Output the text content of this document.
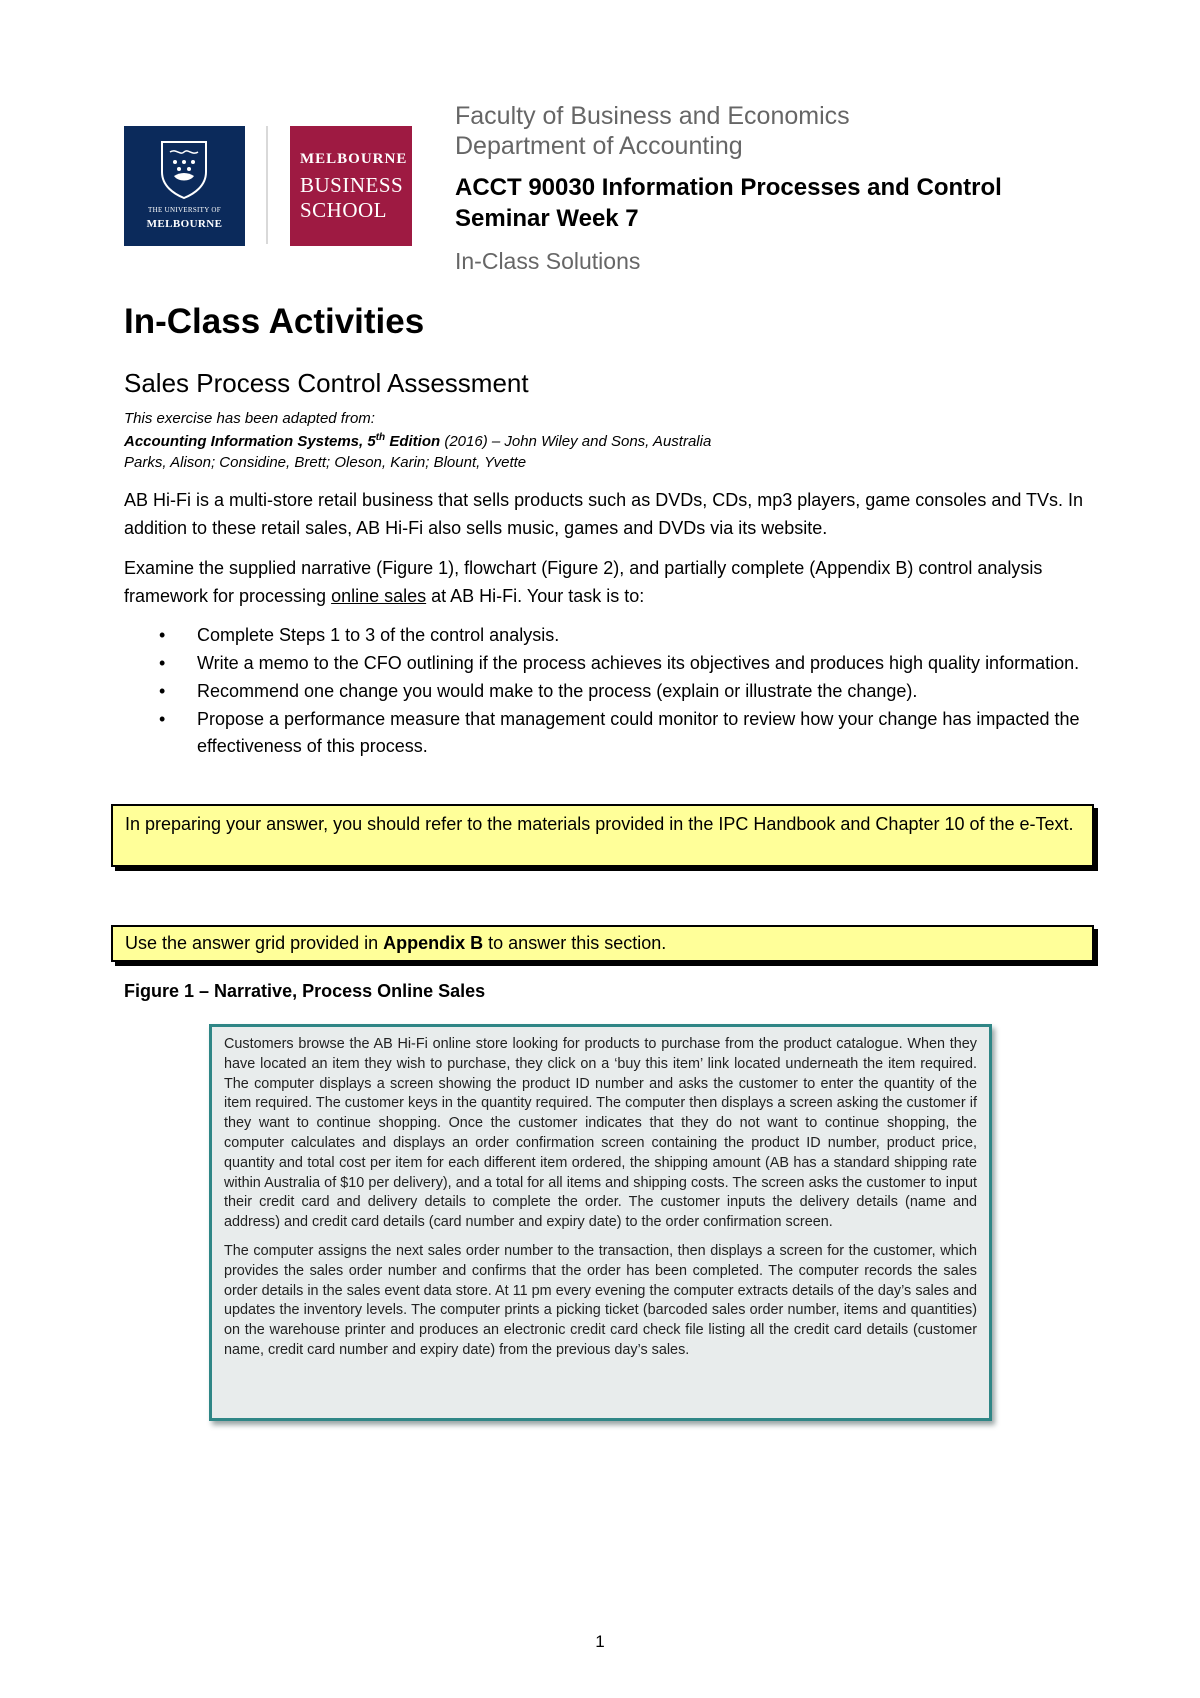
THE UNIVERSITY OF
MELBOURNE
MELBOURNE
BUSINESS
SCHOOL
Faculty of Business and Economics
Department of Accounting
ACCT 90030 Information Processes and Control
Seminar Week 7
In-Class Solutions
In-Class Activities
Sales Process Control Assessment
This exercise has been adapted from:
Accounting Information Systems, 5th Edition (2016) – John Wiley and Sons, Australia
Parks, Alison; Considine, Brett; Oleson, Karin; Blount, Yvette
AB Hi-Fi is a multi-store retail business that sells products such as DVDs, CDs, mp3 players, game consoles and TVs. In addition to these retail sales, AB Hi-Fi also sells music, games and DVDs via its website.
Examine the supplied narrative (Figure 1), flowchart (Figure 2), and partially complete (Appendix B) control analysis framework for processing online sales at AB Hi-Fi. Your task is to:
• Complete Steps 1 to 3 of the control analysis.
• Write a memo to the CFO outlining if the process achieves its objectives and produces high quality information.
• Recommend one change you would make to the process (explain or illustrate the change).
• Propose a performance measure that management could monitor to review how your change has impacted the effectiveness of this process.
In preparing your answer, you should refer to the materials provided in the IPC Handbook and Chapter 10 of the e-Text.
Use the answer grid provided in Appendix B to answer this section.
Figure 1 – Narrative, Process Online Sales

Customers browse the AB Hi-Fi online store looking for products to purchase from the product catalogue. When they have located an item they wish to purchase, they click on a ‘buy this item’ link located underneath the item required. The computer displays a screen showing the product ID number and asks the customer to enter the quantity of the item required. The customer keys in the quantity required. The computer then displays a screen asking the customer if they want to continue shopping. Once the customer indicates that they do not want to continue shopping, the computer calculates and displays an order confirmation screen containing the product ID number, product price, quantity and total cost per item for each different item ordered, the shipping amount (AB has a standard shipping rate within Australia of $10 per delivery), and a total for all items and shipping costs. The screen asks the customer to input their credit card and delivery details to complete the order. The customer inputs the delivery details (name and address) and credit card details (card number and expiry date) to the order confirmation screen.

The computer assigns the next sales order number to the transaction, then displays a screen for the customer, which provides the sales order number and confirms that the order has been completed. The computer records the sales order details in the sales event data store. At 11 pm every evening the computer extracts details of the day’s sales and updates the inventory levels. The computer prints a picking ticket (barcoded sales order number, items and quantities) on the warehouse printer and produces an electronic credit card check file listing all the credit card details (customer name, credit card number and expiry date) from the previous day’s sales.

1
